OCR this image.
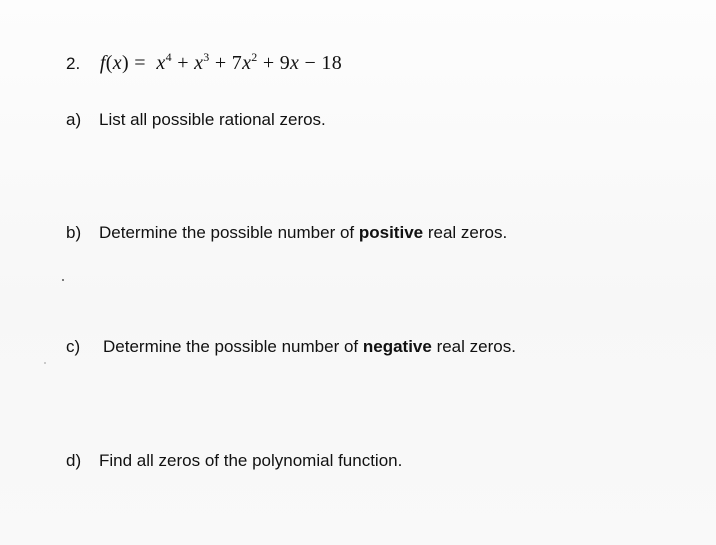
2. $f(x) = x^4 + x^3 + 7x^2 + 9x - 18$
a) List all possible rational zeros.
b) Determine the possible number of positive real zeros.
c) Determine the possible number of negative real zeros.
d) Find all zeros of the polynomial function.
